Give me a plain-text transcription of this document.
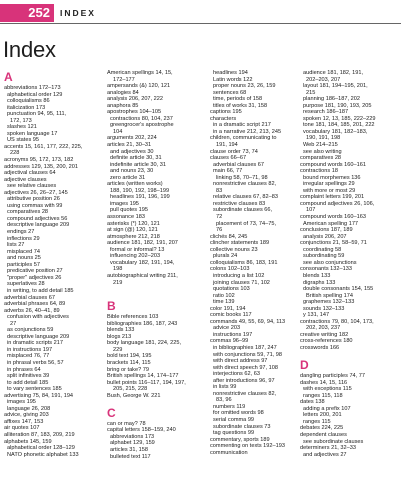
252	INDEX
Index
A
abbreviations 172–173
alphabetical order 129
colloquialisms 86
italicization 173
punctuation 94, 95, 111,
172, 173
slashes 121
spoken language 17
US states 95
accents 15, 161, 177, 222, 225,
228
acronyms 95, 172, 173, 182
addresses 129, 135, 200, 201
adjectival clauses 64
adjective clauses
see relative clauses
adjectives 26, 26–27, 145
attributive position 26
using commas with 99
comparatives 28
compound adjectives 56
descriptive language 209
endings 27
inflections 29
lists 27
misplaced 74
and nouns 25
participles 57
predicative position 27
"proper" adjectives 26
superlatives 28
in writing, to add detail 185
adverbial clauses 67
adverbial phrases 64, 89
adverbs 26, 40–41, 89
confusion with adjectives
27
as conjunctions 59
descriptive language 209
in dramatic scripts 217
in instructions 197
misplaced 76, 77
in phrasal verbs 56, 57
in phrases 64
split infinitives 39
to add detail 185
to vary sentences 185
advertising 75, 84, 191, 194
images 195
language 26, 208
advice, giving 203
affixes 147, 153
air quotes 107
alliteration 87, 183, 209, 219
alphabets 145, 159
alphabetical order 128–129
NATO phonetic alphabet 133
American spellings 14, 15,
172–177
ampersands (&) 120, 121
analogies 84
analysis 206, 207, 222
anaphora 85
apostrophes 104–105
contractions 80, 104, 237
greengrocer's apostrophe
104
arguments 202, 224
articles 21, 30–31
and adjectives 30
definite article 30, 31
indefinite article 30, 31
and nouns 23, 30
zero article 31
articles (written works)
188, 190, 192, 198–199
headlines 191, 196, 199
images 195
pull quotes 195
assonance 183
asterisks (*) 120, 121
at sign (@) 120, 121
atmosphere 212, 218
audience 181, 182, 191, 207
formal or informal? 13
influencing 202–203
vocabulary 182, 191, 194,
198
autobiographical writing 211,
219

B
Bible references 103
bibliographies 186, 187, 243
blends 133
blogs 213
body language 181, 224, 225,
229
bold text 194, 195
brackets 114, 115
bring or take? 79
British spellings 14, 174–177
bullet points 116–117, 194, 197,
205, 215, 228
Bush, George W. 221

C
can or may? 78
capital letters 158–159, 240
abbreviations 173
alphabet 129, 159
articles 31, 158
bulleted text 117
headlines 194
Latin words 122
proper nouns 23, 26, 159
sentences 68
time, periods of 158
titles of works 31, 158
captions 195
characters
in a dramatic script 217
in a narrative 212, 213, 245
children, communicating to
191, 194
clause order 73, 74
clauses 66–67
adverbial clauses 67
main 66, 77
linking 58, 70–71, 98
nonrestrictive clauses 82,
83
relative clauses 67, 82–83
restrictive clauses 83
subordinate clauses 66,
72
placement of 73, 74–75,
76
clichés 84, 245
clincher statements 189
collective nouns 23
plurals 24
colloquialisms 86, 183, 191
colons 102–103
introducing a list 102
joining clauses 71, 102
quotations 103
ratio 102
time 139
color 191, 194
comic books 117
commands 49, 55, 69, 94, 113
advice 203
instructions 197
commas 96–99
in bibliographies 187, 247
with conjunctions 59, 71, 98
with direct address 97
with direct speech 97, 108
interjections 62, 63
after introductions 96, 97
in lists 99
nonrestrictive clauses 82,
83, 96
numbers 119
for omitted words 98
serial comma 99
subordinate clauses 73
tag questions 99
commentary, sports 189
commenting on texts 192–193
communication
audience 181, 182, 191,
202–203, 207
layout 181, 194–195, 201,
215
planning 186–187, 202
purpose 181, 190, 193, 205
research 186–187
spoken 12, 13, 185, 222–229
tone 181, 184, 185, 201, 222
vocabulary 181, 182–183,
190, 191, 198
Web 214–215
see also writing
comparatives 28
compound words 160–161
contractions 18
bound morphemes 136
irregular spellings 29
with more or most 29
complaint letters 199, 201
compound adjectives 26, 106,
107
compound words 160–163
American spelling 177
conclusions 187, 189
analysis 206, 207
conjunctions 21, 58–59, 71
coordinating 58
subordinating 59
see also conjunctions
consonants 132–133
blends 133
digraphs 133
double consonants 154, 155
British spelling 174
graphemes 132–133
sounds 132–133
y 131, 147
contractions 79, 80, 104, 173,
202, 203, 237
creative writing 182
cross-references 180
crosswords 166

D
dangling participles 74, 77
dashes 14, 15, 116
with exceptions 115
ranges 115, 118
dates 138
adding a prefix 107
letters 200, 201
ranges 115
debates 224, 225
dependent clauses
see subordinate clauses
determiners 21, 32–33
and adjectives 27
